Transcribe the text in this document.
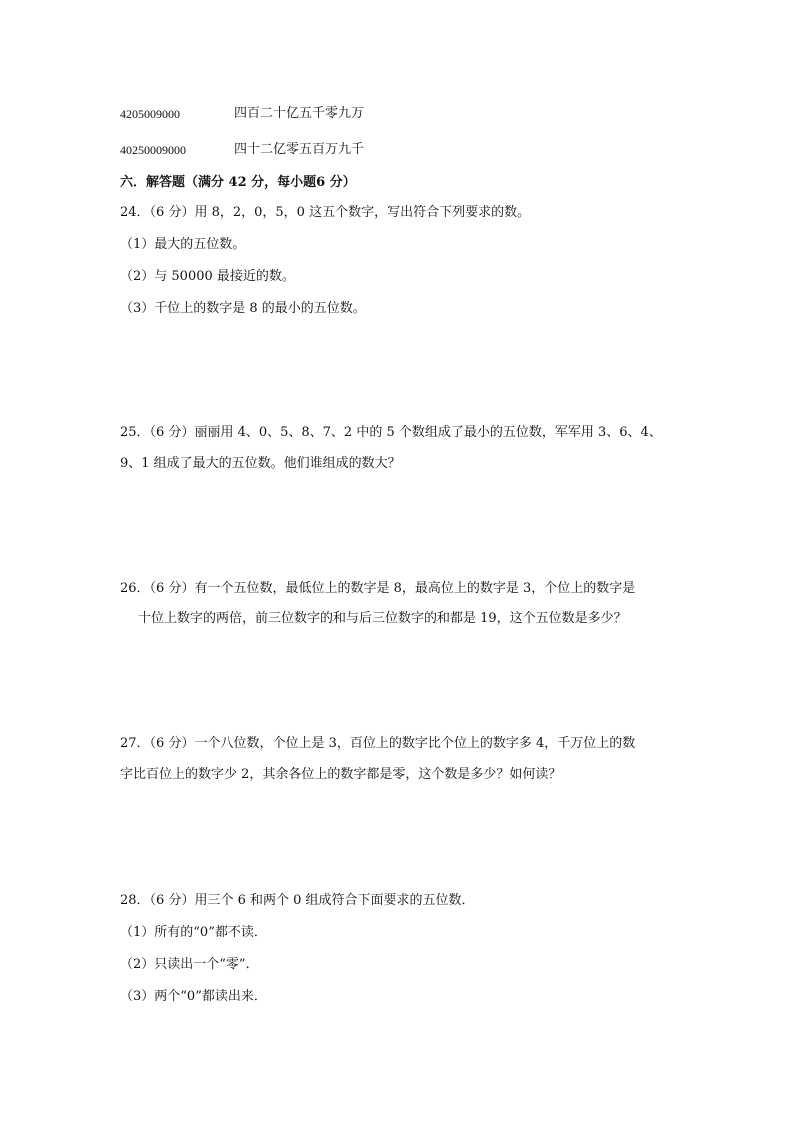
4205009000	四百二十亿五千零九万
40250009000	四十二亿零五百万九千
六．解答题（满分 42 分，每小题6 分）
24．（6 分）用 8，2，0，5，0 这五个数字，写出符合下列要求的数。
（1）最大的五位数。
（2）与 50000 最接近的数。
（3）千位上的数字是 8 的最小的五位数。
25．（6 分）丽丽用 4、0、5、8、7、2 中的 5 个数组成了最小的五位数，军军用 3、6、4、
9、1 组成了最大的五位数。他们谁组成的数大？
26．（6 分）有一个五位数，最低位上的数字是 8，最高位上的数字是 3，个位上的数字是
十位上数字的两倍，前三位数字的和与后三位数字的和都是 19，这个五位数是多少？
27．（6 分）一个八位数，个位上是 3，百位上的数字比个位上的数字多 4，千万位上的数
字比百位上的数字少 2，其余各位上的数字都是零，这个数是多少？如何读？
28．（6 分）用三个 6 和两个 0 组成符合下面要求的五位数．
（1）所有的“0”都不读．
（2）只读出一个“零”．
（3）两个“0”都读出来．
